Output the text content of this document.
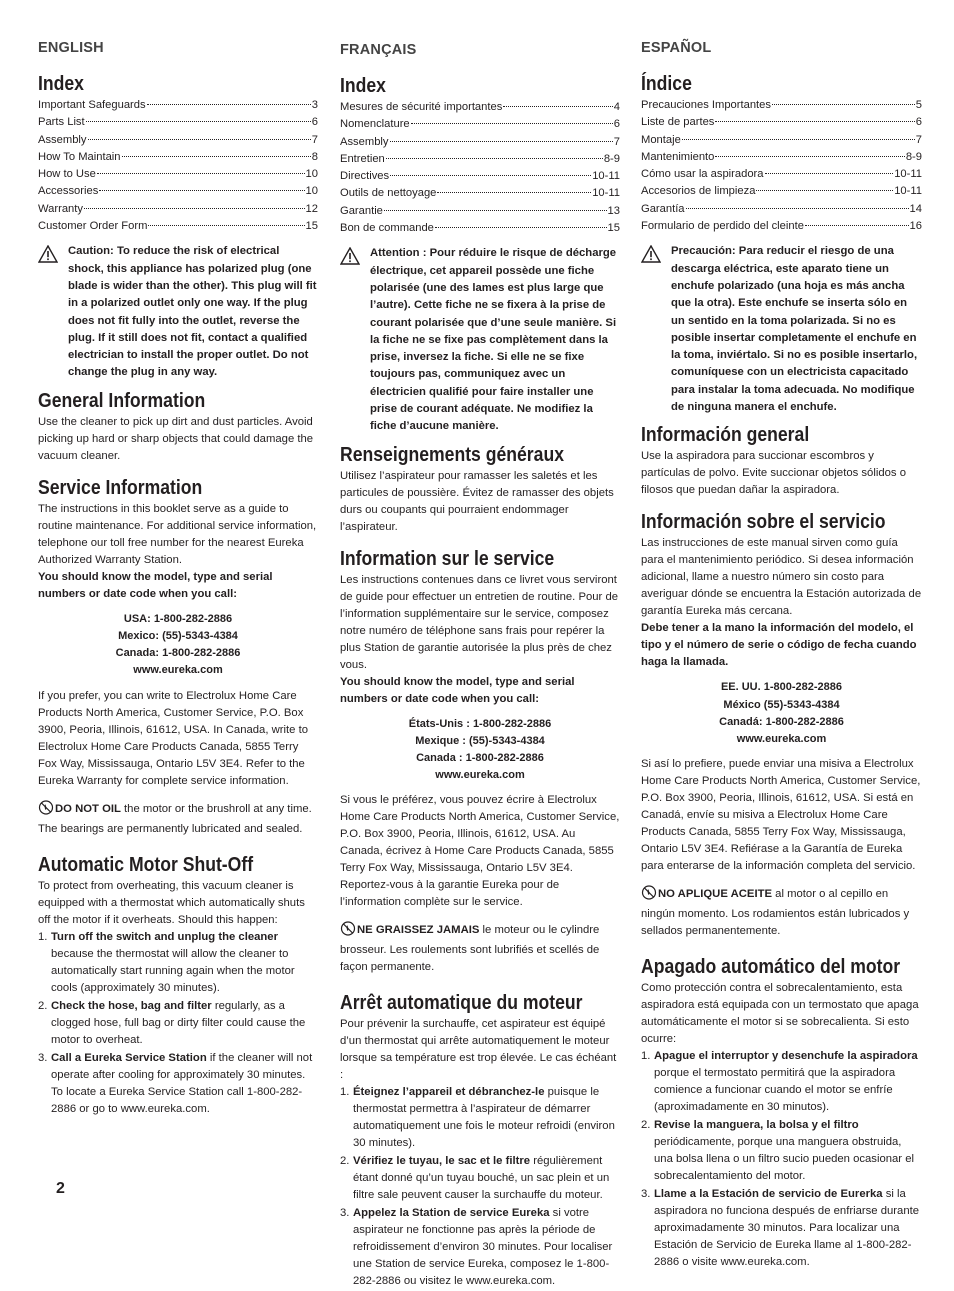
ENGLISH
Index
Important Safeguards	3
Parts List	6
Assembly	7
How To Maintain	8
How to Use	10
Accessories	10
Warranty	12
Customer Order Form	15

Caution: To reduce the risk of electrical shock, this appliance has polarized plug (one blade is wider than the other). This plug will fit in a polarized outlet only one way. If the plug does not fit fully into the outlet, reverse the plug. If it still does not fit, contact a qualified electrician to install the proper outlet. Do not change the plug in any way.

General Information

Use the cleaner to pick up dirt and dust particles. Avoid picking up hard or sharp objects that could damage the vacuum cleaner.

Service Information

The instructions in this booklet serve as a guide to routine maintenance. For additional service information, telephone our toll free number for the nearest Eureka Authorized Warranty Station.

You should know the model, type and serial numbers or date code when you call:

USA: 1-800-282-2886
Mexico: (55)-5343-4384
Canada: 1-800-282-2886
www.eureka.com

If you prefer, you can write to Electrolux Home Care Products North America, Customer Service, P.O. Box 3900, Peoria, Illinois, 61612, USA. In Canada, write to Electrolux Home Care Products Canada, 5855 Terry Fox Way, Mississauga, Ontario L5V 3E4. Refer to the Eureka Warranty for complete service information.

DO NOT OIL the motor or the brushroll at any time. The bearings are permanently lubricated and sealed.

Automatic Motor Shut-Off

To protect from overheating, this vacuum cleaner is equipped with a thermostat which automatically shuts off the motor if it overheats. Should this happen:

1. Turn off the switch and unplug the cleaner because the thermostat will allow the cleaner to automatically start running again when the motor cools (approximately 30 minutes).
2. Check the hose, bag and filter regularly, as a clogged hose, full bag or dirty filter could cause the motor to overheat.
3. Call a Eureka Service Station if the cleaner will not operate after cooling for approximately 30 minutes. To locate a Eureka Service Station call 1-800-282-2886 or go to www.eureka.com.
FRANÇAIS
Index
Mesures de sécurité importantes	4
Nomenclature	6
Assembly	7
Entretien	8-9
Directives	10-11
Outils de nettoyage	10-11
Garantie	13
Bon de commande	15

Attention : Pour réduire le risque de décharge électrique, cet appareil possède une fiche polarisée (une des lames est plus large que l’autre). Cette fiche ne se fixera à la prise de courant polarisée que d’une seule manière. Si la fiche ne se fixe pas complètement dans la prise, inversez la fiche. Si elle ne se fixe toujours pas, communiquez avec un électricien qualifié pour faire installer une prise de courant adéquate. Ne modifiez la fiche d’aucune manière.

Renseignements généraux

Utilisez l’aspirateur pour ramasser les saletés et les particules de poussière. Évitez de ramasser des objets durs ou coupants qui pourraient endommager l’aspirateur.

Information sur le service

Les instructions contenues dans ce livret vous serviront de guide pour effectuer un entretien de routine. Pour de l’information supplémentaire sur le service, composez notre numéro de téléphone sans frais pour repérer la plus Station de garantie autorisée la plus près de chez vous.

You should know the model, type and serial numbers or date code when you call:

États-Unis : 1-800-282-2886
Mexique : (55)-5343-4384
Canada : 1-800-282-2886
www.eureka.com

Si vous le préférez, vous pouvez écrire à Electrolux Home Care Products North America, Customer Service, P.O. Box 3900, Peoria, Illinois, 61612, USA. Au Canada, écrivez à Home Care Products Canada, 5855 Terry Fox Way, Mississauga, Ontario L5V 3E4. Reportez-vous à la garantie Eureka pour de l’information complète sur le service.

NE GRAISSEZ JAMAIS le moteur ou le cylindre brosseur. Les roulements sont lubrifiés et scellés de façon permanente.

Arrêt automatique du moteur

Pour prévenir la surchauffe, cet aspirateur est équipé d’un thermostat qui arrête automatiquement le moteur lorsque sa température est trop élevée. Le cas échéant :

1. Éteignez l’appareil et débranchez-le puisque le thermostat permettra à l’aspirateur de démarrer automatiquement une fois le moteur refroidi (environ 30 minutes).
2. Vérifiez le tuyau, le sac et le filtre régulièrement étant donné qu’un tuyau bouché, un sac plein et un filtre sale peuvent causer la surchauffe du moteur.
3. Appelez la Station de service Eureka si votre aspirateur ne fonctionne pas après la période de refroidissement d’environ 30 minutes. Pour localiser une Station de service Eureka, composez le 1-800-282-2886 ou visitez le www.eureka.com.
ESPAÑOL
Índice
Precauciones Importantes	5
Liste de partes	6
Montaje	7
Mantenimiento	8-9
Cómo usar la aspiradora	10-11
Accesorios de limpieza	10-11
Garantía	14
Formulario de perdido del cleinte	16

Precaución: Para reducir el riesgo de una descarga eléctrica, este aparato tiene un enchufe polarizado (una hoja es más ancha que la otra). Este enchufe se inserta sólo en un sentido en la toma polarizada. Si no es posible insertar completamente el enchufe en la toma, inviértalo. Si no es posible insertarlo, comuníquese con un electricista capacitado para instalar la toma adecuada. No modifique de ninguna manera el enchufe.

Información general

Use la aspiradora para succionar escombros y partículas de polvo. Evite succionar objetos sólidos o filosos que puedan dañar la aspiradora.

Información sobre el servicio

Las instrucciones de este manual sirven como guía para el mantenimiento periódico. Si desea información adicional, llame a nuestro número sin costo para averiguar dónde se encuentra la Estación autorizada de garantía Eureka más cercana.

Debe tener a la mano la información del modelo, el tipo y el número de serie o código de fecha cuando haga la llamada.

EE. UU. 1-800-282-2886
México (55)-5343-4384
Canadá: 1-800-282-2886
www.eureka.com

Si así lo prefiere, puede enviar una misiva a Electrolux Home Care Products North America, Customer Service, P.O. Box 3900, Peoria, Illinois, 61612, USA. Si está en Canadá, envíe su misiva a Electrolux Home Care Products Canada, 5855 Terry Fox Way, Mississauga, Ontario L5V 3E4. Refiérase a la Garantía de Eureka para enterarse de la información completa del servicio.

NO APLIQUE ACEITE al motor o al cepillo en ningún momento. Los rodamientos están lubricados y sellados permanentemente.

Apagado automático del motor

Como protección contra el sobrecalentamiento, esta aspiradora está equipada con un termostato que apaga automáticamente el motor si se sobrecalienta. Si esto ocurre:

1. Apague el interruptor y desenchufe la aspiradora porque el termostato permitirá que la aspiradora comience a funcionar cuando el motor se enfríe (aproximadamente en 30 minutos).
2. Revise la manguera, la bolsa y el filtro periódicamente, porque una manguera obstruida, una bolsa llena o un filtro sucio pueden ocasionar el sobrecalentamiento del motor.
3. Llame a la Estación de servicio de Eurerka si la aspiradora no funciona después de enfriarse durante aproximadamente 30 minutos. Para localizar una Estación de Servicio de Eureka llame al 1-800-282-2886 o visite www.eureka.com.
2
